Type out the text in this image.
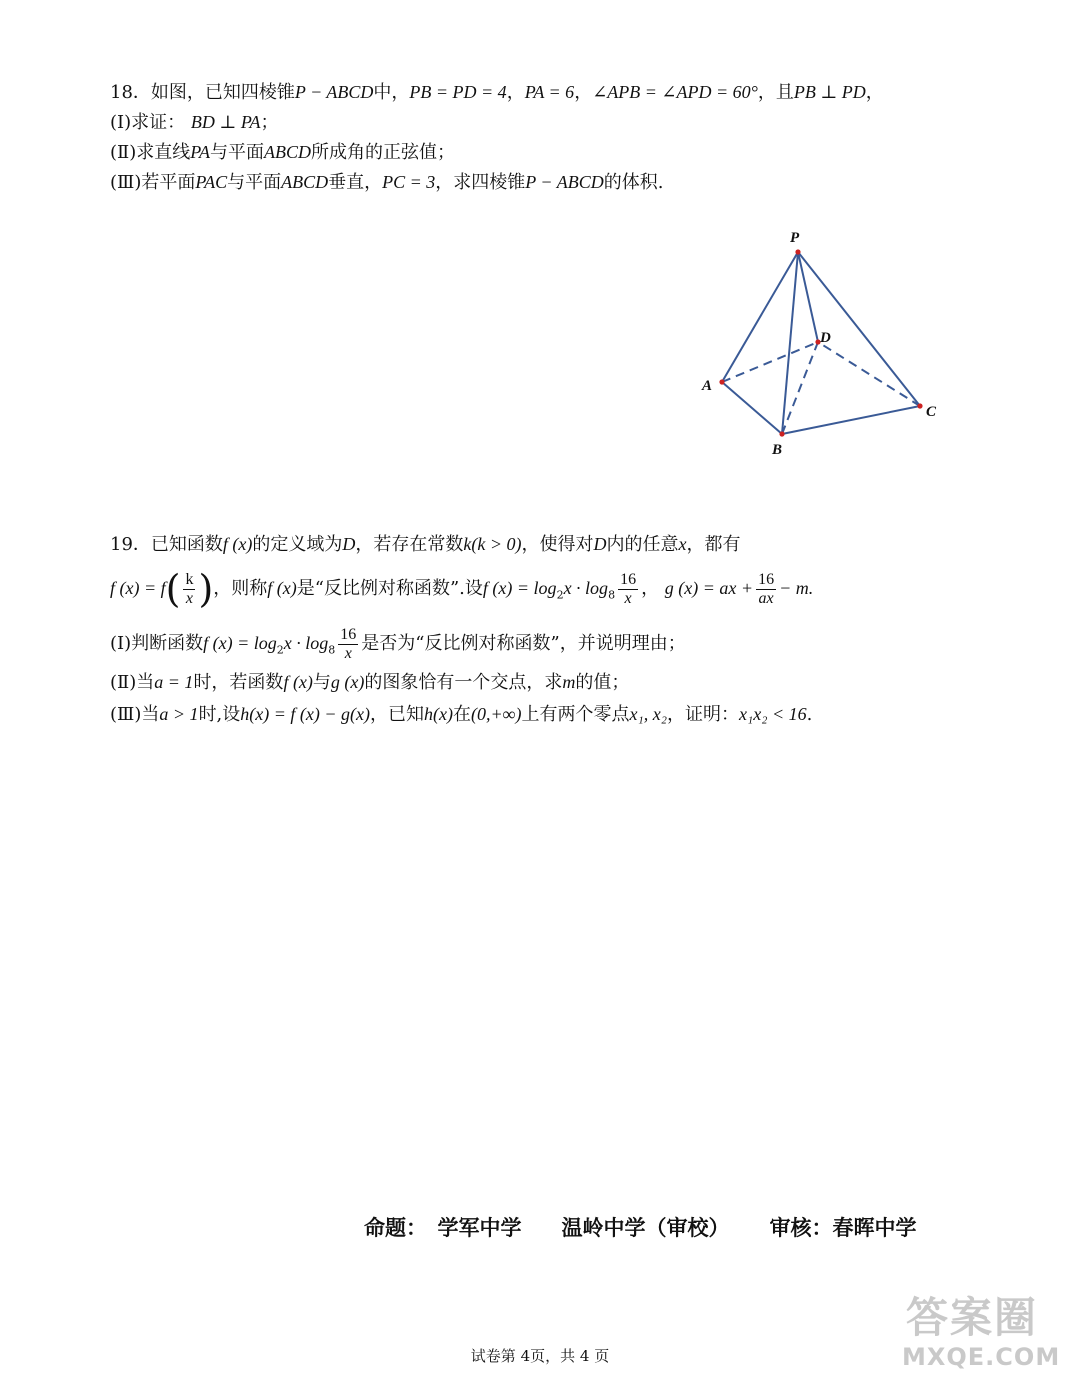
18．如图，已知四棱锥P − ABCD中，PB = PD = 4，PA = 6，∠APB = ∠APD = 60°，且PB ⊥ PD，
(Ⅰ)求证： BD ⊥ PA；
(Ⅱ)求直线PA与平面ABCD所成角的正弦值；
(Ⅲ)若平面PAC与平面ABCD垂直，PC = 3，求四棱锥P − ABCD的体积.
P
A
B
C
D
19．已知函数f (x)的定义域为D，若存在常数k(k > 0)，使得对D内的任意x，都有
f $(x) = f( \frac{k}{x}$ )，则称f (x)是“反比例对称函数”.设f $(x) = \log_2x \cdot \log_8 \frac{16}{x}$ ， g (x) = ax + $\frac{16}{ax} - m$.
(Ⅰ)判断函数f $(x) = \log_2x \cdot \log_8 \frac{16}{x}$ 是否为“反比例对称函数”，并说明理由；
(Ⅱ)当a = 1时，若函数f (x)与g (x)的图象恰有一个交点，求m的值；
(Ⅲ)当a > 1时,设h(x) = f (x) − g(x)，已知h(x)在(0,+∞)上有两个零点x₁, x₂，证明：x₁x₂ < 16.
命题：　学军中学 温岭中学（审校） 审核：春晖中学
答案圈
MXQE.COM
试卷第 4页，共 4 页
